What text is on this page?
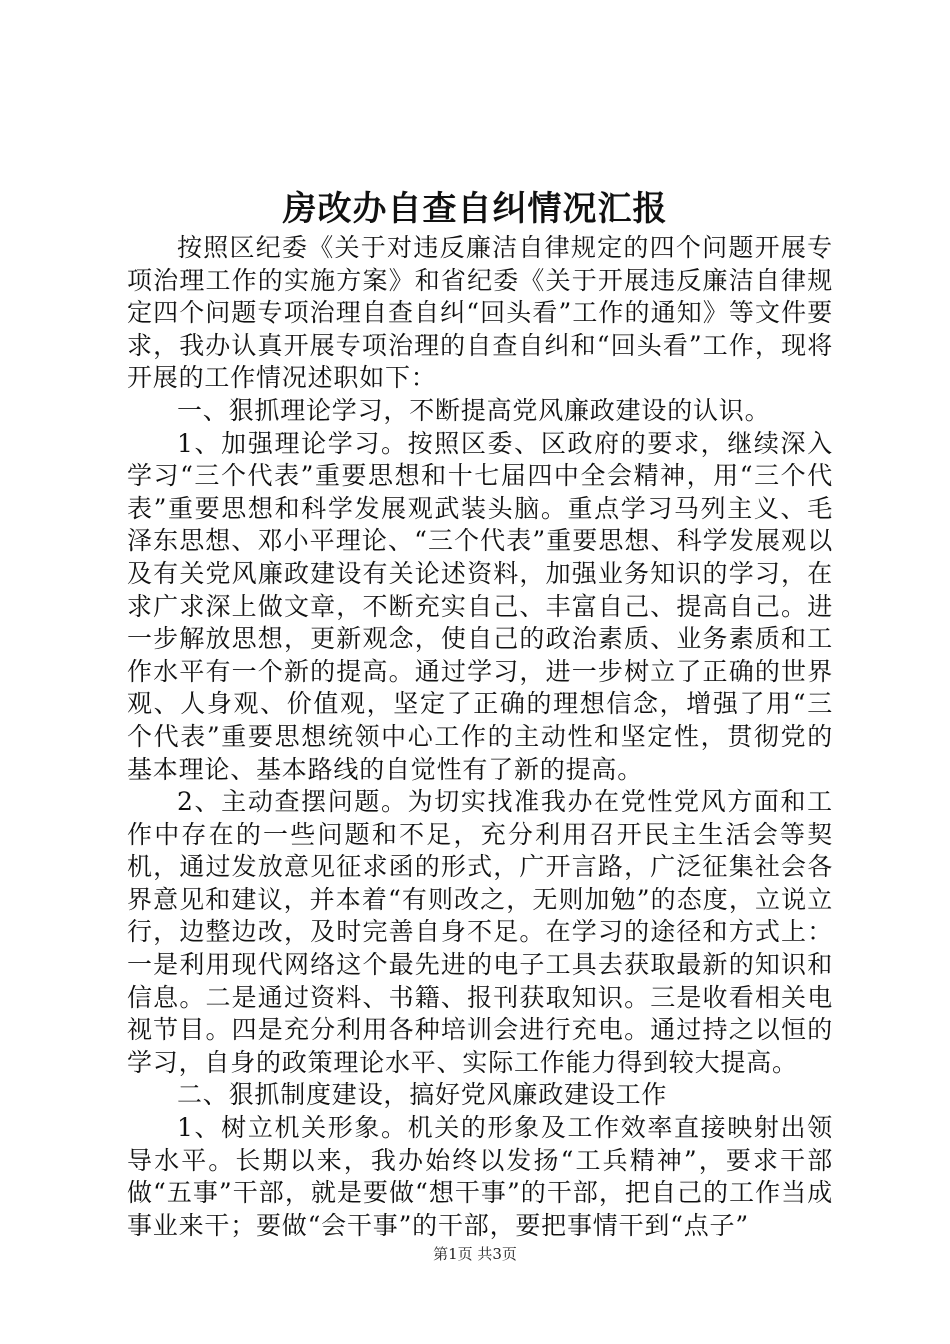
房改办自查自纠情况汇报

按照区纪委《关于对违反廉洁自律规定的四个问题开展专项治理工作的实施方案》和省纪委《关于开展违反廉洁自律规定四个问题专项治理自查自纠“回头看”工作的通知》等文件要求，我办认真开展专项治理的自查自纠和“回头看”工作，现将开展的工作情况述职如下：

一、狠抓理论学习，不断提高党风廉政建设的认识。

1、加强理论学习。按照区委、区政府的要求，继续深入学习“三个代表”重要思想和十七届四中全会精神，用“三个代表”重要思想和科学发展观武装头脑。重点学习马列主义、毛泽东思想、邓小平理论、“三个代表”重要思想、科学发展观以及有关党风廉政建设有关论述资料，加强业务知识的学习，在求广求深上做文章，不断充实自己、丰富自己、提高自己。进一步解放思想，更新观念，使自己的政治素质、业务素质和工作水平有一个新的提高。通过学习，进一步树立了正确的世界观、人身观、价值观，坚定了正确的理想信念，增强了用“三个代表”重要思想统领中心工作的主动性和坚定性，贯彻党的基本理论、基本路线的自觉性有了新的提高。

2、主动查摆问题。为切实找准我办在党性党风方面和工作中存在的一些问题和不足，充分利用召开民主生活会等契机，通过发放意见征求函的形式，广开言路，广泛征集社会各界意见和建议，并本着“有则改之，无则加勉”的态度，立说立行，边整边改，及时完善自身不足。在学习的途径和方式上：一是利用现代网络这个最先进的电子工具去获取最新的知识和信息。二是通过资料、书籍、报刊获取知识。三是收看相关电视节目。四是充分利用各种培训会进行充电。通过持之以恒的学习，自身的政策理论水平、实际工作能力得到较大提高。

二、狠抓制度建设，搞好党风廉政建设工作

1、树立机关形象。机关的形象及工作效率直接映射出领导水平。长期以来，我办始终以发扬“工兵精神”，要求干部做“五事”干部，就是要做“想干事”的干部，把自己的工作当成事业来干；要做“会干事”的干部，要把事情干到“点子”

第1页 共3页
